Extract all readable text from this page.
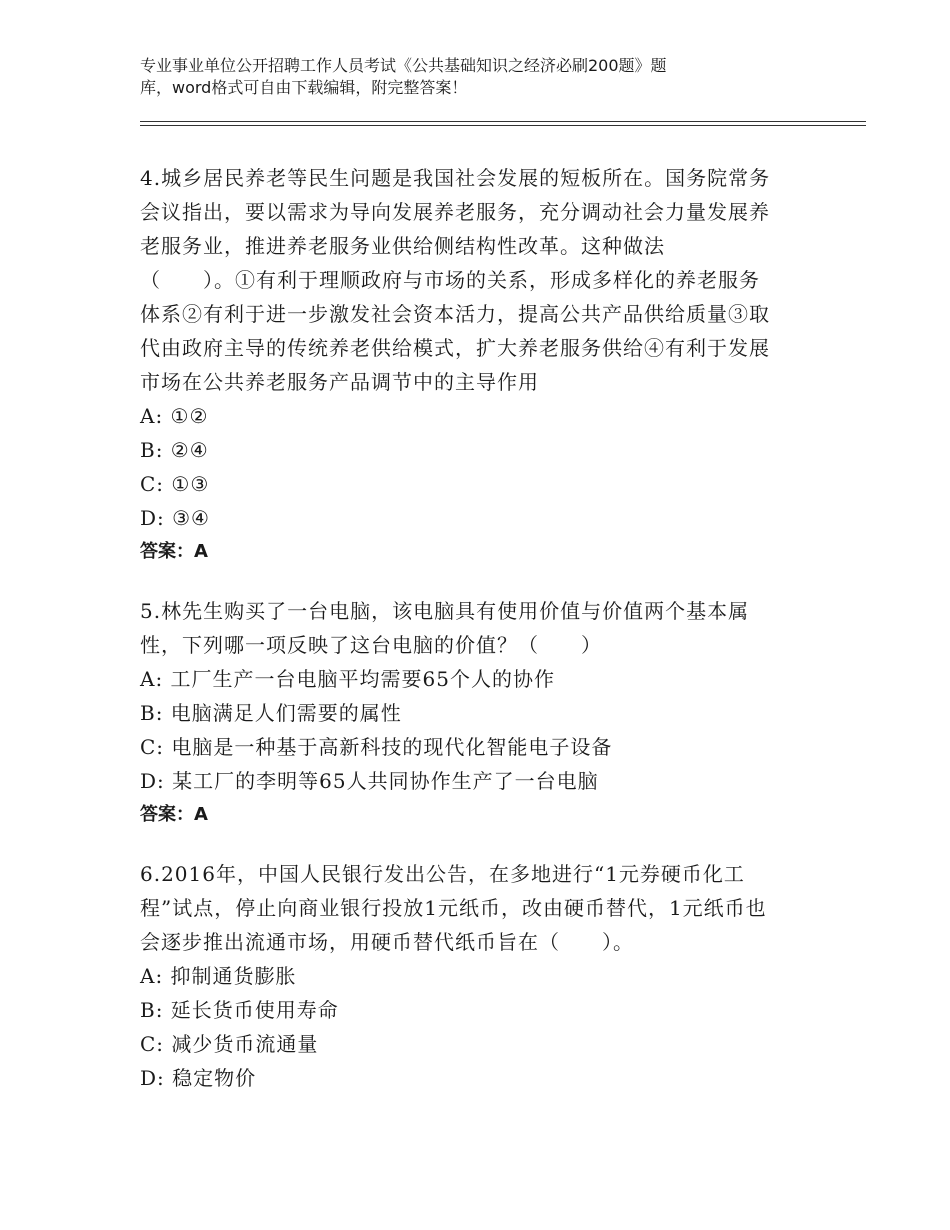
专业事业单位公开招聘工作人员考试《公共基础知识之经济必刷200题》题
库，word格式可自由下载编辑，附完整答案！
4.城乡居民养老等民生问题是我国社会发展的短板所在。国务院常务
会议指出，要以需求为导向发展养老服务，充分调动社会力量发展养
老服务业，推进养老服务业供给侧结构性改革。这种做法
（　　）。①有利于理顺政府与市场的关系，形成多样化的养老服务
体系②有利于进一步激发社会资本活力，提高公共产品供给质量③取
代由政府主导的传统养老供给模式，扩大养老服务供给④有利于发展
市场在公共养老服务产品调节中的主导作用
A: ①②
B: ②④
C: ①③
D: ③④
答案：A
5.林先生购买了一台电脑，该电脑具有使用价值与价值两个基本属
性，下列哪一项反映了这台电脑的价值？（　　）
A: 工厂生产一台电脑平均需要65个人的协作
B: 电脑满足人们需要的属性
C: 电脑是一种基于高新科技的现代化智能电子设备
D: 某工厂的李明等65人共同协作生产了一台电脑
答案：A
6.2016年，中国人民银行发出公告，在多地进行“1元券硬币化工
程”试点，停止向商业银行投放1元纸币，改由硬币替代，1元纸币也
会逐步推出流通市场，用硬币替代纸币旨在（　　）。
A: 抑制通货膨胀
B: 延长货币使用寿命
C: 减少货币流通量
D: 稳定物价
